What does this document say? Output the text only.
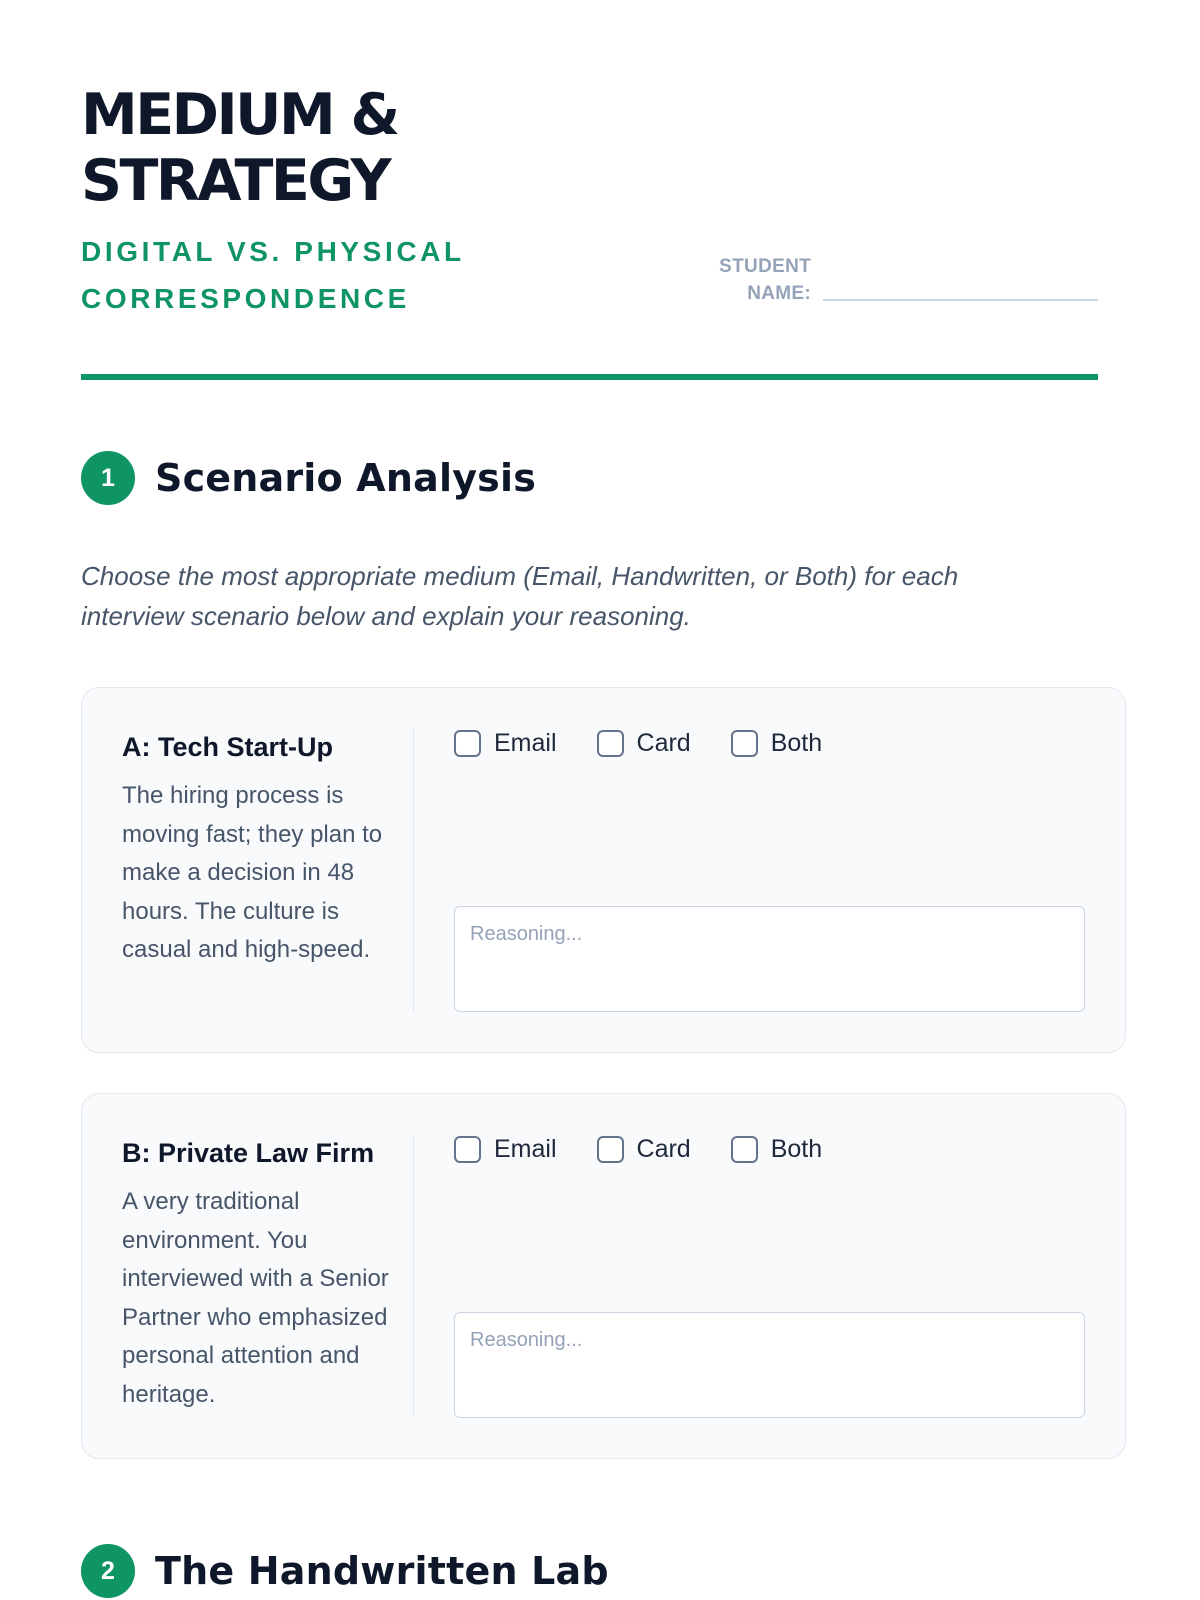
MEDIUM & STRATEGY
DIGITAL VS. PHYSICAL CORRESPONDENCE
STUDENT NAME:
1	Scenario Analysis

Choose the most appropriate medium (Email, Handwritten, or Both) for each interview scenario below and explain your reasoning.

A: Tech Start-Up
The hiring process is moving fast; they plan to make a decision in 48 hours. The culture is casual and high-speed.
Email	Card	Both
Reasoning...
B: Private Law Firm
A very traditional environment. You interviewed with a Senior Partner who emphasized personal attention and heritage.
Email	Card	Both
Reasoning...
2	The Handwritten Lab
